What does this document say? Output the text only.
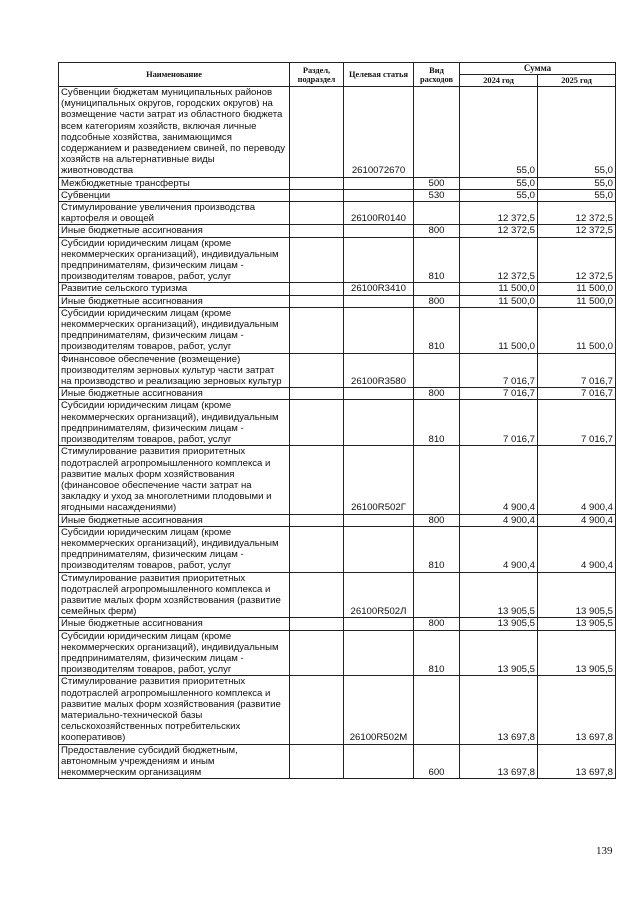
Наименование	Раздел, подраздел	Целевая статья	Вид расходов	Сумма	
				2024 год	2025 год
Субвенции бюджетам муниципальных районов (муниципальных округов, городских округов) на возмещение части затрат из областного бюджета всем категориям хозяйств, включая личные подсобные хозяйства, занимающимся содержанием и разведением свиней, по переводу хозяйств на альтернативные виды животноводства		2610072670		55,0	55,0
Межбюджетные трансферты			500	55,0	55,0
Субвенции			530	55,0	55,0
Стимулирование увеличения производства картофеля и овощей		26100R0140		12 372,5	12 372,5
Иные бюджетные ассигнования			800	12 372,5	12 372,5
Субсидии юридическим лицам (кроме некоммерческих организаций), индивидуальным предпринимателям, физическим лицам - производителям товаров, работ, услуг			810	12 372,5	12 372,5
Развитие сельского туризма		26100R3410		11 500,0	11 500,0
Иные бюджетные ассигнования			800	11 500,0	11 500,0
Субсидии юридическим лицам (кроме некоммерческих организаций), индивидуальным предпринимателям, физическим лицам - производителям товаров, работ, услуг			810	11 500,0	11 500,0
Финансовое обеспечение (возмещение) производителям зерновых культур части затрат на производство и реализацию зерновых культур		26100R3580		7 016,7	7 016,7
Иные бюджетные ассигнования			800	7 016,7	7 016,7
Субсидии юридическим лицам (кроме некоммерческих организаций), индивидуальным предпринимателям, физическим лицам - производителям товаров, работ, услуг			810	7 016,7	7 016,7
Стимулирование развития приоритетных подотраслей агропромышленного комплекса и развитие малых форм хозяйствования (финансовое обеспечение части затрат на закладку и уход за многолетними плодовыми и ягодными насаждениями)		26100R502Г		4 900,4	4 900,4
Иные бюджетные ассигнования			800	4 900,4	4 900,4
Субсидии юридическим лицам (кроме некоммерческих организаций), индивидуальным предпринимателям, физическим лицам - производителям товаров, работ, услуг			810	4 900,4	4 900,4
Стимулирование развития приоритетных подотраслей агропромышленного комплекса и развитие малых форм хозяйствования (развитие семейных ферм)		26100R502Л		13 905,5	13 905,5
Иные бюджетные ассигнования			800	13 905,5	13 905,5
Субсидии юридическим лицам (кроме некоммерческих организаций), индивидуальным предпринимателям, физическим лицам - производителям товаров, работ, услуг			810	13 905,5	13 905,5
Стимулирование развития приоритетных подотраслей агропромышленного комплекса и развитие малых форм хозяйствования (развитие материально-технической базы сельскохозяйственных потребительских кооперативов)		26100R502М		13 697,8	13 697,8
Предоставление субсидий бюджетным, автономным учреждениям и иным некоммерческим организациям			600	13 697,8	13 697,8
139
